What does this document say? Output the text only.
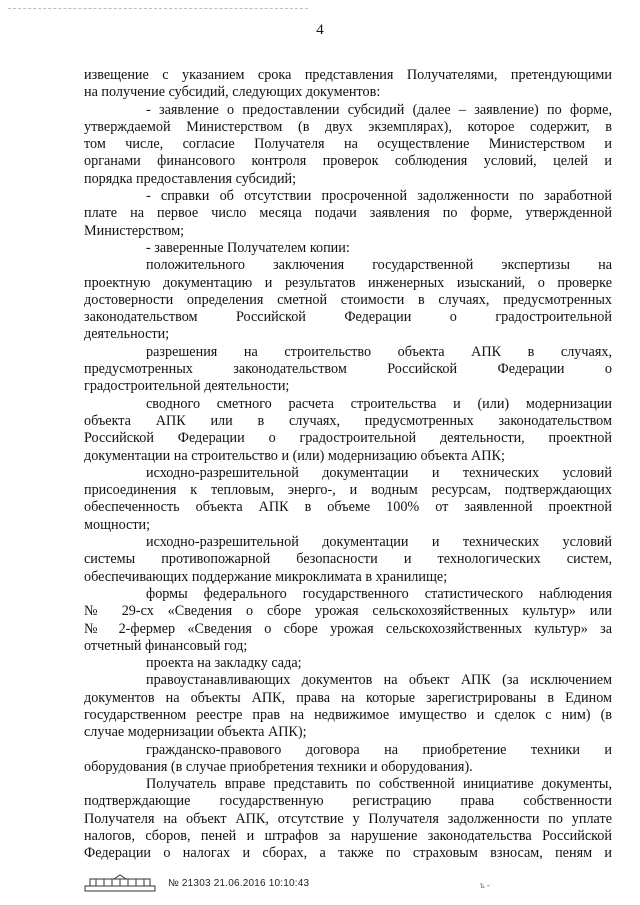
4
извещение с указанием срока представления Получателями, претендующими
на получение субсидий, следующих документов:
- заявление о предоставлении субсидий (далее – заявление) по форме,
утверждаемой Министерством (в двух экземплярах), которое содержит, в
том числе, согласие Получателя на осуществление Министерством и
органами финансового контроля проверок соблюдения условий, целей и
порядка предоставления субсидий;
- справки об отсутствии просроченной задолженности по заработной
плате на первое число месяца подачи заявления по форме, утвержденной
Министерством;
- заверенные Получателем копии:
положительного заключения государственной экспертизы на
проектную документацию и результатов инженерных изысканий, о проверке
достоверности определения сметной стоимости в случаях, предусмотренных
законодательством Российской Федерации о градостроительной
деятельности;
разрешения на строительство объекта АПК в случаях,
предусмотренных законодательством Российской Федерации о
градостроительной деятельности;
сводного сметного расчета строительства и (или) модернизации
объекта АПК или в случаях, предусмотренных законодательством
Российской Федерации о градостроительной деятельности, проектной
документации на строительство и (или) модернизацию объекта АПК;
исходно-разрешительной документации и технических условий
присоединения к тепловым, энерго-, и водным ресурсам, подтверждающих
обеспеченность объекта АПК в объеме 100% от заявленной проектной
мощности;
исходно-разрешительной документации и технических условий
системы противопожарной безопасности и технологических систем,
обеспечивающих поддержание микроклимата в хранилище;
формы федерального государственного статистического наблюдения
№ 29-сх «Сведения о сборе урожая сельскохозяйственных культур» или
№ 2-фермер «Сведения о сборе урожая сельскохозяйственных культур» за
отчетный финансовый год;
проекта на закладку сада;
правоустанавливающих документов на объект АПК (за исключением
документов на объекты АПК, права на которые зарегистрированы в Едином
государственном реестре прав на недвижимое имущество и сделок с ним) (в
случае модернизации объекта АПК);
гражданско-правового договора на приобретение техники и
оборудования (в случае приобретения техники и оборудования).
Получатель вправе представить по собственной инициативе документы,
подтверждающие государственную регистрацию права собственности
Получателя на объект АПК, отсутствие у Получателя задолженности по уплате
налогов, сборов, пеней и штрафов за нарушение законодательства Российской
Федерации о налогах и сборах, а также по страховым взносам, пеням и
№ 21303 21.06.2016 10:10:43	ъ -
